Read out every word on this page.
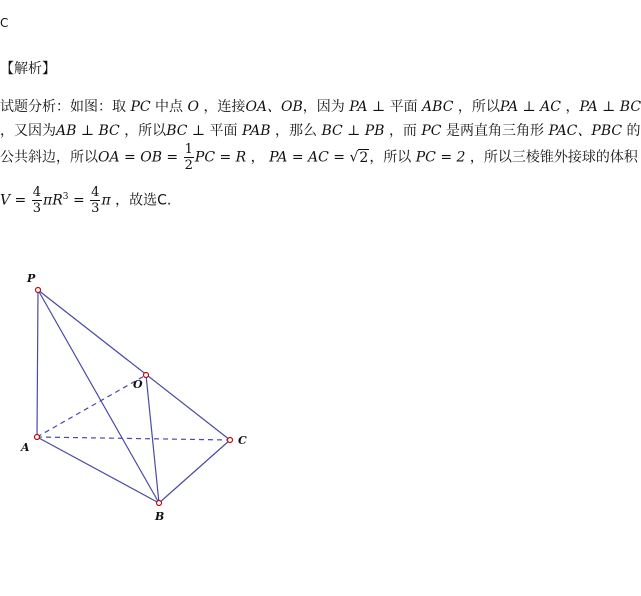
C
【解析】
试题分析：如图：取 PC 中点 O ，连接OA、OB，因为 PA ⊥ 平面 ABC ，所以PA ⊥ AC ，PA ⊥ BC
，又因为AB ⊥ BC ，所以BC ⊥ 平面 PAB ，那么 BC ⊥ PB ，而 PC 是两直角三角形 PAC、PBC 的
公共斜边，所以OA = OB = $\frac{1}{2}$ PC = R ， PA = AC = √2，所以 PC = 2 ，所以三棱锥外接球的体积
$V = \frac{4}{3} \pi R^3 = \frac{4}{3}$ π ，故选C.
P
O
A
B
C
